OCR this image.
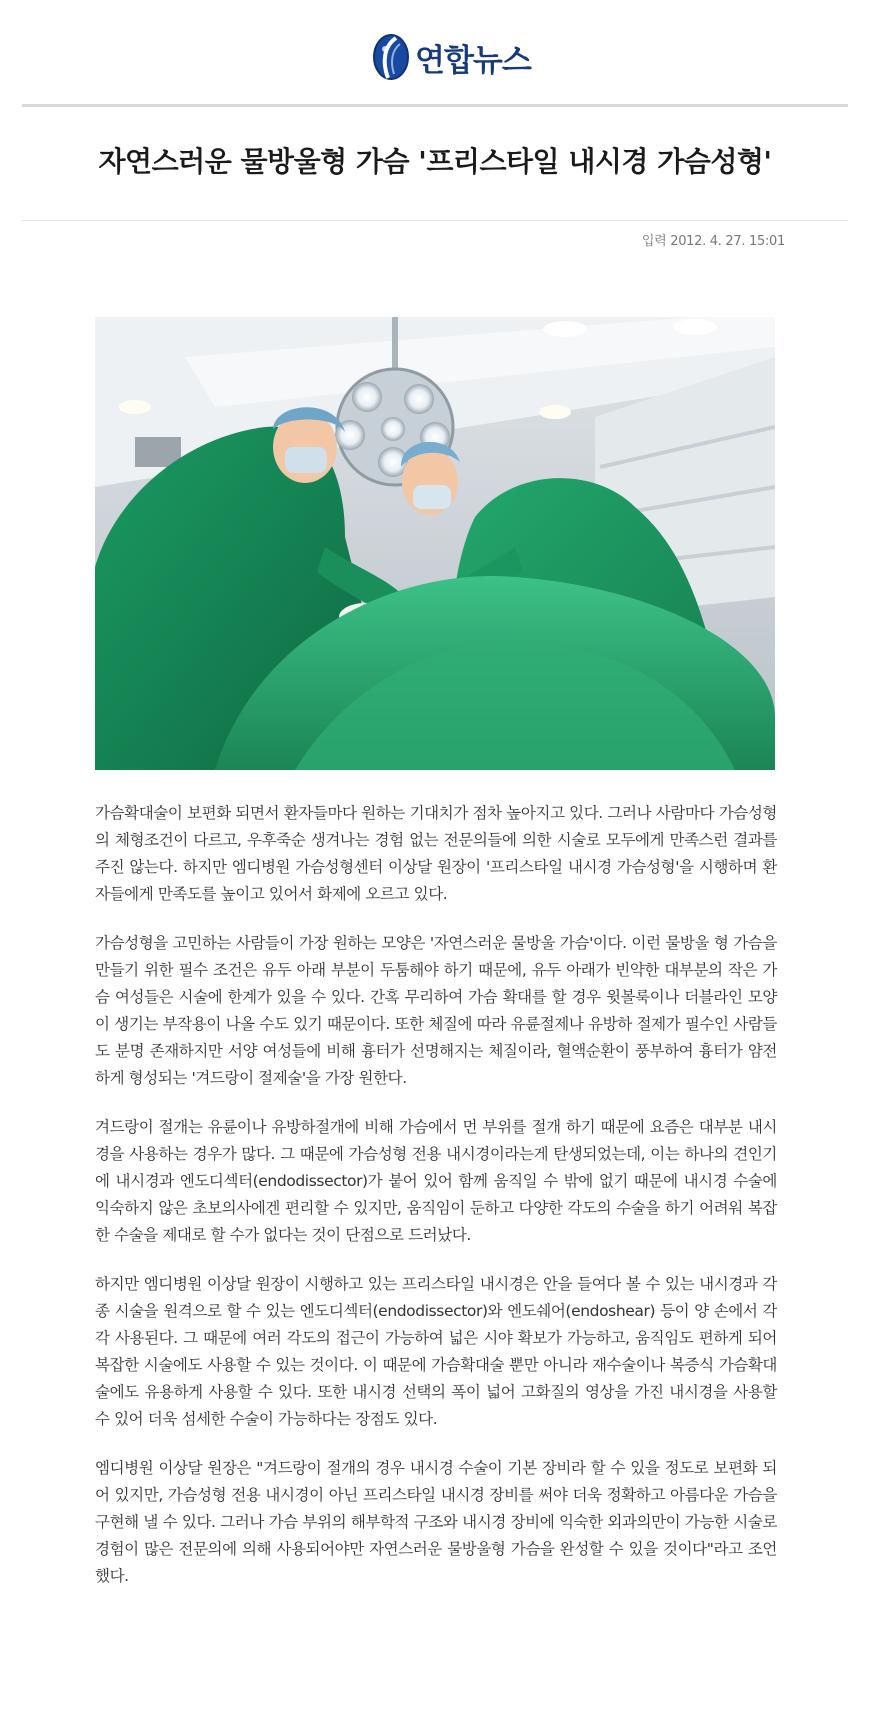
연합뉴스
자연스러운 물방울형 가슴 '프리스타일 내시경 가슴성형'
입력 2012. 4. 27. 15:01

가슴확대술이 보편화 되면서 환자들마다 원하는 기대치가 점차 높아지고 있다. 그러나 사람마다 가슴성형의 체형조건이 다르고, 우후죽순 생겨나는 경험 없는 전문의들에 의한 시술로 모두에게 만족스런 결과를 주진 않는다. 하지만 엠디병원 가슴성형센터 이상달 원장이 '프리스타일 내시경 가슴성형'을 시행하며 환자들에게 만족도를 높이고 있어서 화제에 오르고 있다.

가슴성형을 고민하는 사람들이 가장 원하는 모양은 '자연스러운 물방울 가슴'이다. 이런 물방울 형 가슴을 만들기 위한 필수 조건은 유두 아래 부분이 두툼해야 하기 때문에, 유두 아래가 빈약한 대부분의 작은 가슴 여성들은 시술에 한계가 있을 수 있다. 간혹 무리하여 가슴 확대를 할 경우 윗볼룩이나 더블라인 모양이 생기는 부작용이 나올 수도 있기 때문이다. 또한 체질에 따라 유륜절제나 유방하 절제가 필수인 사람들도 분명 존재하지만 서양 여성들에 비해 흉터가 선명해지는 체질이라, 혈액순환이 풍부하여 흉터가 얌전하게 형성되는 '겨드랑이 절제술'을 가장 원한다.

겨드랑이 절개는 유륜이나 유방하절개에 비해 가슴에서 먼 부위를 절개 하기 때문에 요즘은 대부분 내시경을 사용하는 경우가 많다. 그 때문에 가슴성형 전용 내시경이라는게 탄생되었는데, 이는 하나의 견인기에 내시경과 엔도디섹터(endodissector)가 붙어 있어 함께 움직일 수 밖에 없기 때문에 내시경 수술에 익숙하지 않은 초보의사에겐 편리할 수 있지만, 움직임이 둔하고 다양한 각도의 수술을 하기 어려워 복잡한 수술을 제대로 할 수가 없다는 것이 단점으로 드러났다.

하지만 엠디병원 이상달 원장이 시행하고 있는 프리스타일 내시경은 안을 들여다 볼 수 있는 내시경과 각종 시술을 원격으로 할 수 있는 엔도디섹터(endodissector)와 엔도쉐어(endoshear) 등이 양 손에서 각각 사용된다. 그 때문에 여러 각도의 접근이 가능하여 넓은 시야 확보가 가능하고, 움직임도 편하게 되어 복잡한 시술에도 사용할 수 있는 것이다. 이 때문에 가슴확대술 뿐만 아니라 재수술이나 복증식 가슴확대술에도 유용하게 사용할 수 있다. 또한 내시경 선택의 폭이 넓어 고화질의 영상을 가진 내시경을 사용할 수 있어 더욱 섬세한 수술이 가능하다는 장점도 있다.

엠디병원 이상달 원장은 "겨드랑이 절개의 경우 내시경 수술이 기본 장비라 할 수 있을 정도로 보편화 되어 있지만, 가슴성형 전용 내시경이 아닌 프리스타일 내시경 장비를 써야 더욱 정확하고 아름다운 가슴을 구현해 낼 수 있다. 그러나 가슴 부위의 해부학적 구조와 내시경 장비에 익숙한 외과의만이 가능한 시술로 경험이 많은 전문의에 의해 사용되어야만 자연스러운 물방울형 가슴을 완성할 수 있을 것이다"라고 조언했다.
